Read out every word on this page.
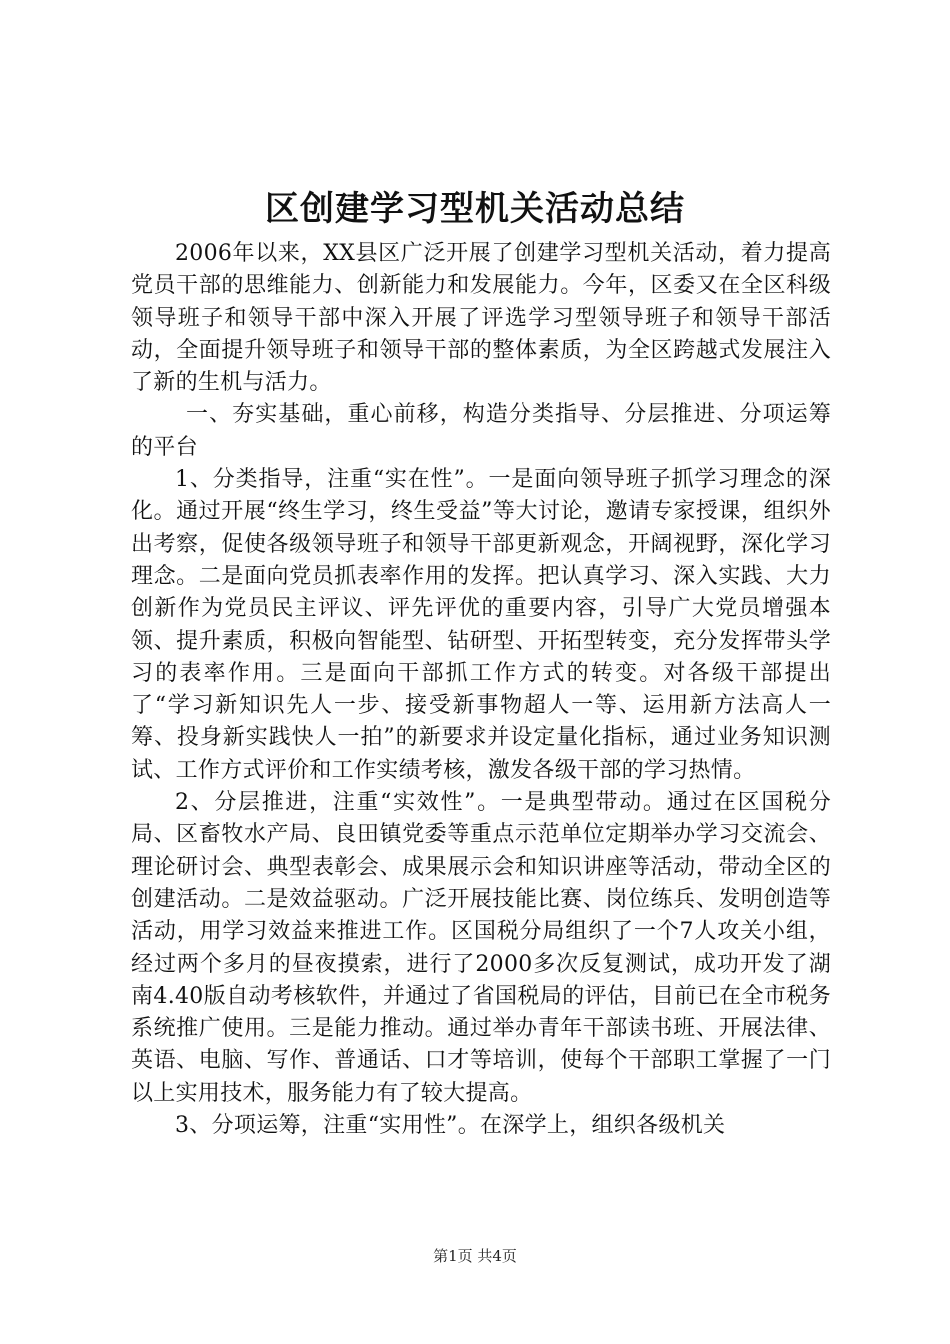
区创建学习型机关活动总结

2006年以来，XX县区广泛开展了创建学习型机关活动，着力提高党员干部的思维能力、创新能力和发展能力。今年，区委又在全区科级领导班子和领导干部中深入开展了评选学习型领导班子和领导干部活动，全面提升领导班子和领导干部的整体素质，为全区跨越式发展注入了新的生机与活力。

一、夯实基础，重心前移，构造分类指导、分层推进、分项运筹的平台

1、分类指导，注重“实在性”。一是面向领导班子抓学习理念的深化。通过开展“终生学习，终生受益”等大讨论，邀请专家授课，组织外出考察，促使各级领导班子和领导干部更新观念，开阔视野，深化学习理念。二是面向党员抓表率作用的发挥。把认真学习、深入实践、大力创新作为党员民主评议、评先评优的重要内容，引导广大党员增强本领、提升素质，积极向智能型、钻研型、开拓型转变，充分发挥带头学习的表率作用。三是面向干部抓工作方式的转变。对各级干部提出了“学习新知识先人一步、接受新事物超人一等、运用新方法高人一筹、投身新实践快人一拍”的新要求并设定量化指标，通过业务知识测试、工作方式评价和工作实绩考核，激发各级干部的学习热情。

2、分层推进，注重“实效性”。一是典型带动。通过在区国税分局、区畜牧水产局、良田镇党委等重点示范单位定期举办学习交流会、理论研讨会、典型表彰会、成果展示会和知识讲座等活动，带动全区的创建活动。二是效益驱动。广泛开展技能比赛、岗位练兵、发明创造等活动，用学习效益来推进工作。区国税分局组织了一个7人攻关小组，经过两个多月的昼夜摸索，进行了2000多次反复测试，成功开发了湖南4.40版自动考核软件，并通过了省国税局的评估，目前已在全市税务系统推广使用。三是能力推动。通过举办青年干部读书班、开展法律、英语、电脑、写作、普通话、口才等培训，使每个干部职工掌握了一门以上实用技术，服务能力有了较大提高。

3、分项运筹，注重“实用性”。在深学上，组织各级机关

第1页 共4页
